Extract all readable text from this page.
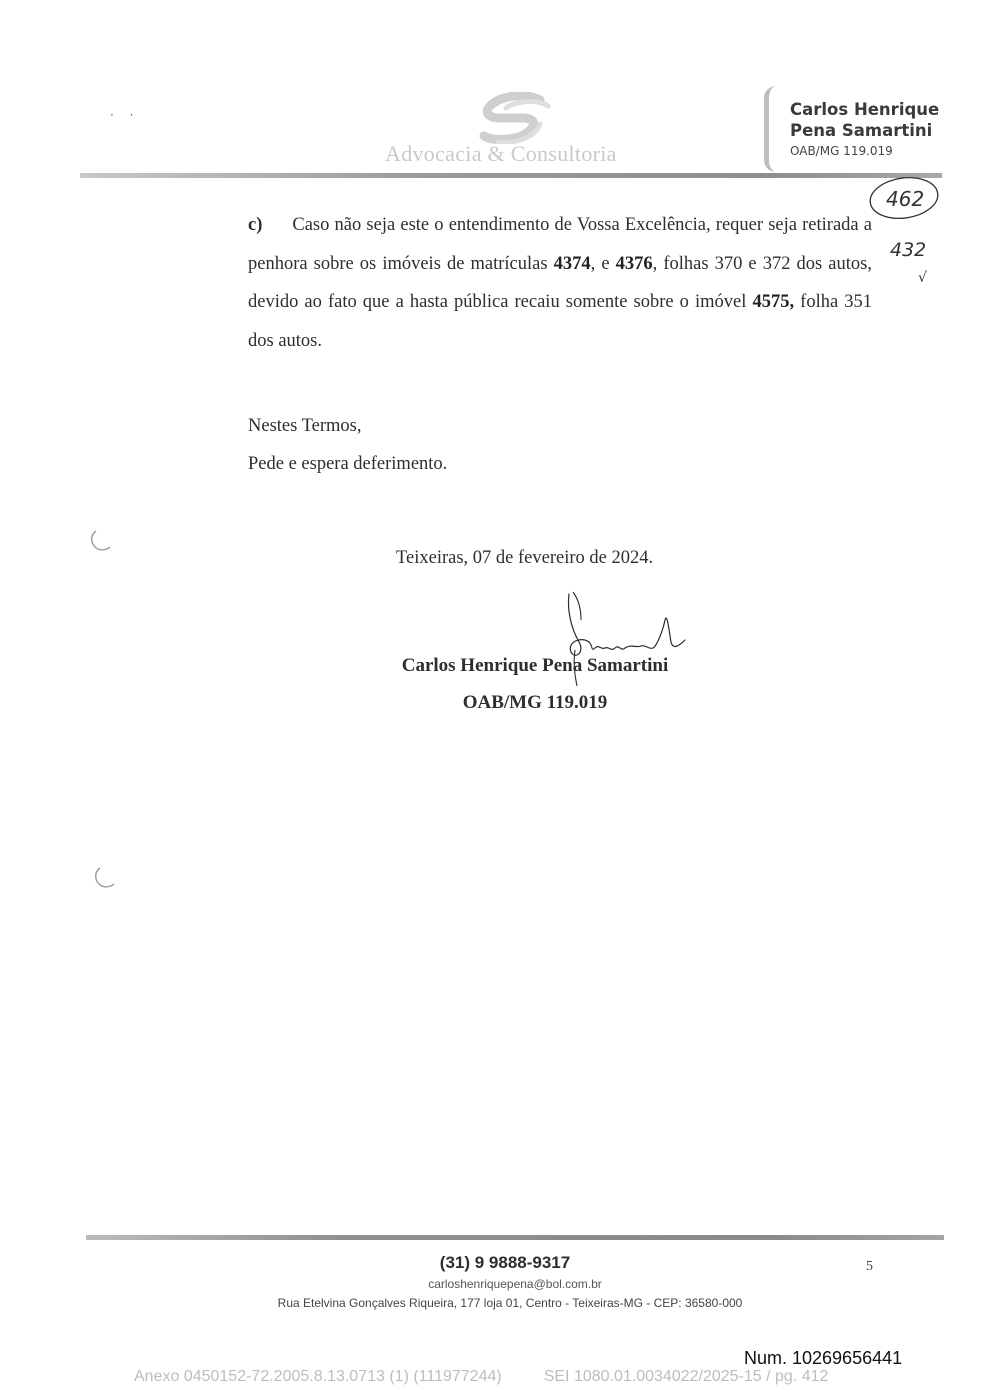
· ·
Advocacia & Consultoria
Carlos Henrique
Pena Samartini
OAB/MG 119.019
462
432
√
c) Caso não seja este o entendimento de Vossa Excelência, requer seja retirada a penhora sobre os imóveis de matrículas 4374, e 4376, folhas 370 e 372 dos autos, devido ao fato que a hasta pública recaiu somente sobre o imóvel 4575, folha 351 dos autos.
Nestes Termos,
Pede e espera deferimento.
Teixeiras, 07 de fevereiro de 2024.
Carlos Henrique Pena Samartini
OAB/MG 119.019
(31) 9 9888-9317
carloshenriquepena@bol.com.br
Rua Etelvina Gonçalves Riqueira, 177 loja 01, Centro - Teixeiras-MG - CEP: 36580-000
5
Num. 10269656441
Anexo 0450152-72.2005.8.13.0713 (1) (111977244)	SEI 1080.01.0034022/2025-15 / pg. 412
